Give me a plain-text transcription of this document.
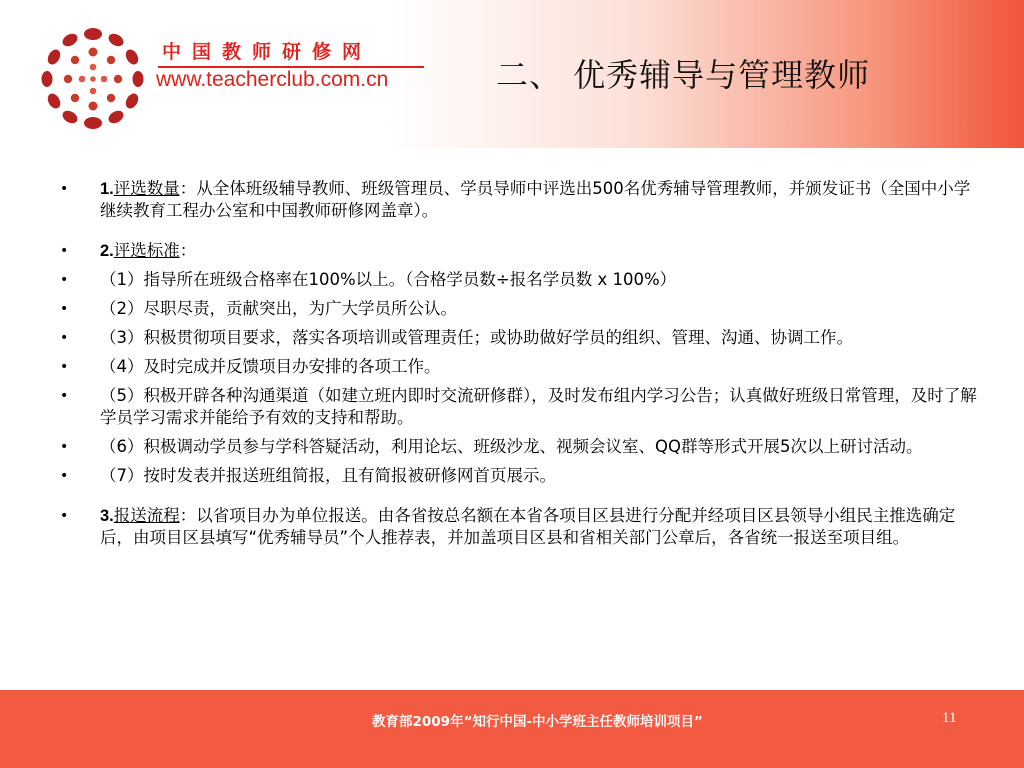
中国教师研修网
www.teacherclub.com.cn	二、 优秀辅导与管理教师
• 1.评选数量：从全体班级辅导教师、班级管理员、学员导师中评选出500名优秀辅导管理教师，并颁发证书（全国中小学继续教育工程办公室和中国教师研修网盖章）。
• 2.评选标准：
• （1）指导所在班级合格率在100%以上。（合格学员数÷报名学员数 x 100%）
• （2）尽职尽责，贡献突出，为广大学员所公认。
• （3）积极贯彻项目要求，落实各项培训或管理责任；或协助做好学员的组织、管理、沟通、协调工作。
• （4）及时完成并反馈项目办安排的各项工作。
• （5）积极开辟各种沟通渠道（如建立班内即时交流研修群），及时发布组内学习公告；认真做好班级日常管理，及时了解学员学习需求并能给予有效的支持和帮助。
• （6）积极调动学员参与学科答疑活动，利用论坛、班级沙龙、视频会议室、QQ群等形式开展5次以上研讨活动。
• （7）按时发表并报送班组简报，且有简报被研修网首页展示。
• 3.报送流程：以省项目办为单位报送。由各省按总名额在本省各项目区县进行分配并经项目区县领导小组民主推选确定后，由项目区县填写“优秀辅导员”个人推荐表，并加盖项目区县和省相关部门公章后，各省统一报送至项目组。
教育部2009年“知行中国-中小学班主任教师培训项目”	11
